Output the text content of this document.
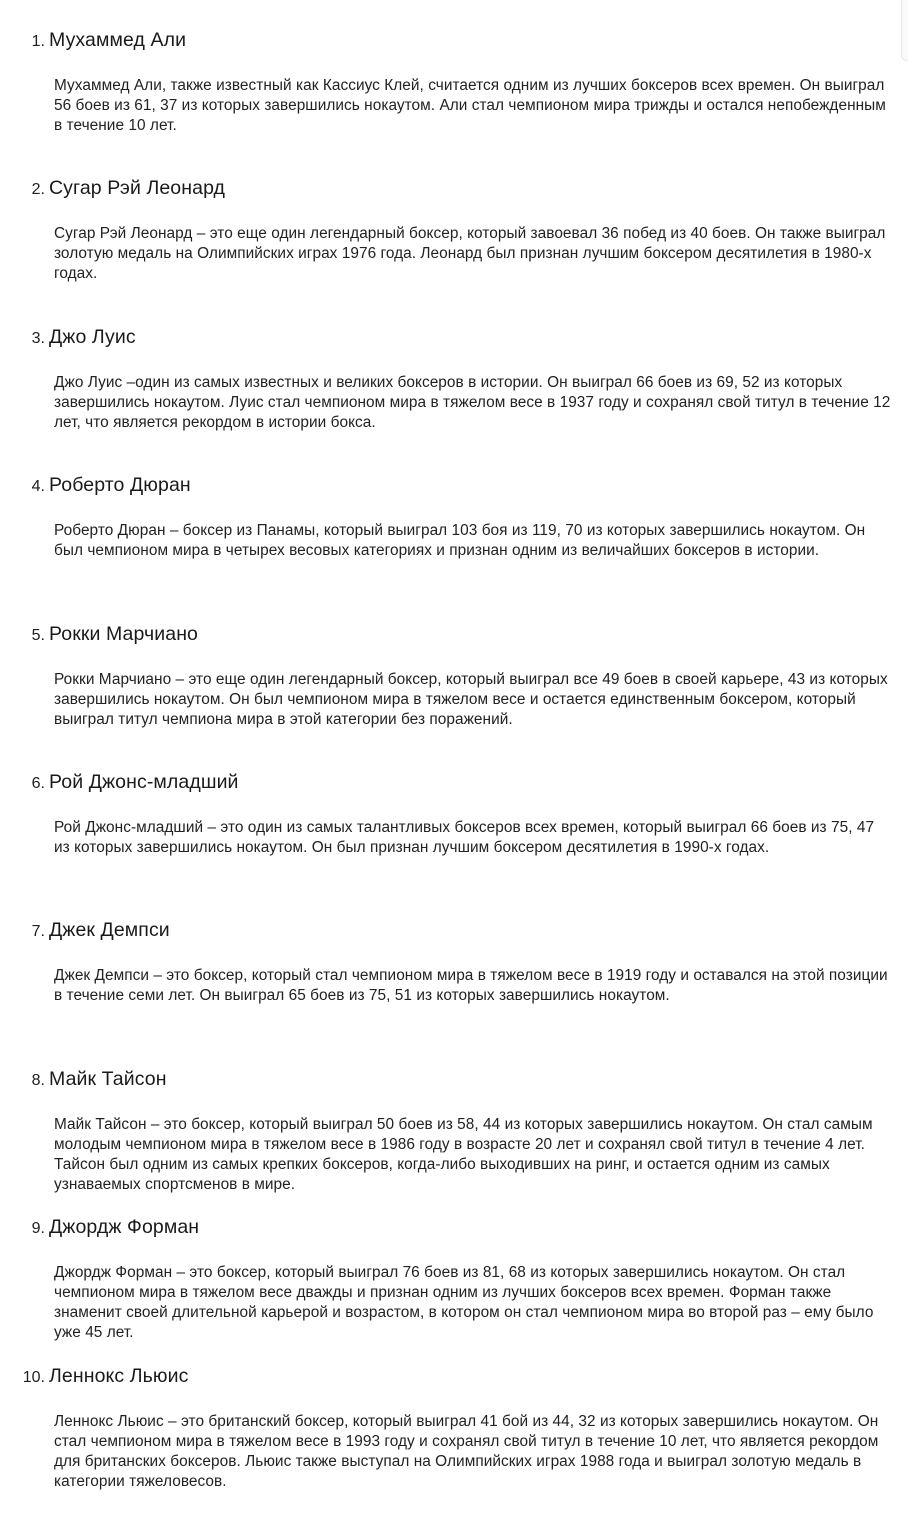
1. Мухаммед Али

Мухаммед Али, также известный как Кассиус Клей, считается одним из лучших боксеров всех времен. Он выиграл 56 боев из 61, 37 из которых завершились нокаутом. Али стал чемпионом мира трижды и остался непобежденным в течение 10 лет.

2. Сугар Рэй Леонард

Сугар Рэй Леонард – это еще один легендарный боксер, который завоевал 36 побед из 40 боев. Он также выиграл золотую медаль на Олимпийских играх 1976 года. Леонард был признан лучшим боксером десятилетия в 1980-х годах.

3. Джо Луис

Джо Луис –один из самых известных и великих боксеров в истории. Он выиграл 66 боев из 69, 52 из которых завершились нокаутом. Луис стал чемпионом мира в тяжелом весе в 1937 году и сохранял свой титул в течение 12 лет, что является рекордом в истории бокса.

4. Роберто Дюран

Роберто Дюран – боксер из Панамы, который выиграл 103 боя из 119, 70 из которых завершились нокаутом. Он был чемпионом мира в четырех весовых категориях и признан одним из величайших боксеров в истории.

5. Рокки Марчиано

Рокки Марчиано – это еще один легендарный боксер, который выиграл все 49 боев в своей карьере, 43 из которых завершились нокаутом. Он был чемпионом мира в тяжелом весе и остается единственным боксером, который выиграл титул чемпиона мира в этой категории без поражений.

6. Рой Джонс-младший

Рой Джонс-младший – это один из самых талантливых боксеров всех времен, который выиграл 66 боев из 75, 47 из которых завершились нокаутом. Он был признан лучшим боксером десятилетия в 1990-х годах.

7. Джек Демпси

Джек Демпси – это боксер, который стал чемпионом мира в тяжелом весе в 1919 году и оставался на этой позиции в течение семи лет. Он выиграл 65 боев из 75, 51 из которых завершились нокаутом.

8. Майк Тайсон

Майк Тайсон – это боксер, который выиграл 50 боев из 58, 44 из которых завершились нокаутом. Он стал самым молодым чемпионом мира в тяжелом весе в 1986 году в возрасте 20 лет и сохранял свой титул в течение 4 лет. Тайсон был одним из самых крепких боксеров, когда-либо выходивших на ринг, и остается одним из самых узнаваемых спортсменов в мире.

9. Джордж Форман

Джордж Форман – это боксер, который выиграл 76 боев из 81, 68 из которых завершились нокаутом. Он стал чемпионом мира в тяжелом весе дважды и признан одним из лучших боксеров всех времен. Форман также знаменит своей длительной карьерой и возрастом, в котором он стал чемпионом мира во второй раз – ему было уже 45 лет.

10. Леннокс Льюис

Леннокс Льюис – это британский боксер, который выиграл 41 бой из 44, 32 из которых завершились нокаутом. Он стал чемпионом мира в тяжелом весе в 1993 году и сохранял свой титул в течение 10 лет, что является рекордом для британских боксеров. Льюис также выступал на Олимпийских играх 1988 года и выиграл золотую медаль в категории тяжеловесов.
